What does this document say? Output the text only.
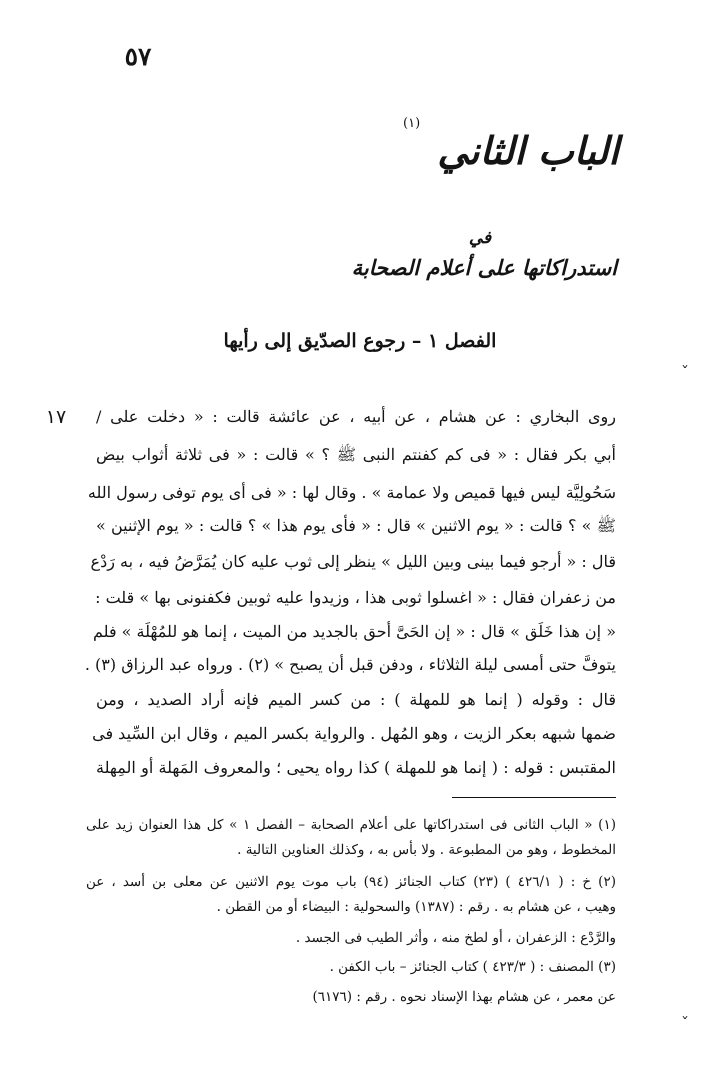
٥٧
(١)
الباب الثاني
في
استدراكاتها على أعلام الصحابة
الفصل ١ – رجوع الصدّيق إلى رأيها
ˇ
١٧	روى البخاري : عن هشام ، عن أبيه ، عن عائشة قالت : « دخلت على /
أبي بكر فقال : « فى كم كفنتم النبى ﷺ ؟ » قالت : « فى ثلاثة أثواب بيض
سَحُولِيَّة ليس فيها قميص ولا عمامة » . وقال لها : « فى أى يوم توفى رسول الله
ﷺ » ؟ قالت : « يوم الاثنين » قال : « فأى يوم هذا » ؟ قالت : « يوم الإثنين »
قال : « أرجو فيما بينى وبين الليل » ينظر إلى ثوب عليه كان يُمَرَّضُ فيه ، به رَدْع
من زعفران فقال : « اغسلوا ثوبى هذا ، وزيدوا عليه ثوبين فكفنونى بها » قلت :
« إن هذا خَلَق » قال : « إن الحَىَّ أحق بالجديد من الميت ، إنما هو للمُهْلَة » فلم
يتوفَّ حتى أمسى ليلة الثلاثاء ، ودفن قبل أن يصبح » (٢) . ورواه عبد الرزاق (٣) .
قال : وقوله ( إنما هو للمهلة ) : من كسر الميم فإنه أراد الصديد ، ومن
ضمها شبهه بعكر الزيت ، وهو المُهل . والرواية بكسر الميم ، وقال ابن السِّيد فى
المقتبس : قوله : ( إنما هو للمهلة ) كذا رواه يحيى ؛ والمعروف المَهلة أو المِهلة
(١) « الباب الثانى فى استدراكاتها على أعلام الصحابة – الفصل ١ » كل هذا العنوان زيد على
المخطوط ، وهو من المطبوعة . ولا بأس به ، وكذلك العناوين التالية .
(٢) خ : ( ٤٢٦/١ ) (٢٣) كتاب الجنائز (٩٤) باب موت يوم الاثنين عن معلى بن أسد ، عن
وهيب ، عن هشام به . رقم : (١٣٨٧) والسحولية : البيضاء أو من القطن .
والرَّدْع : الزعفران ، أو لطخ منه ، وأثر الطيب فى الجسد .
(٣) المصنف : ( ٤٢٣/٣ ) كتاب الجنائز – باب الكفن .
عن معمر ، عن هشام بهذا الإسناد نحوه . رقم : (٦١٧٦)
ˇ
